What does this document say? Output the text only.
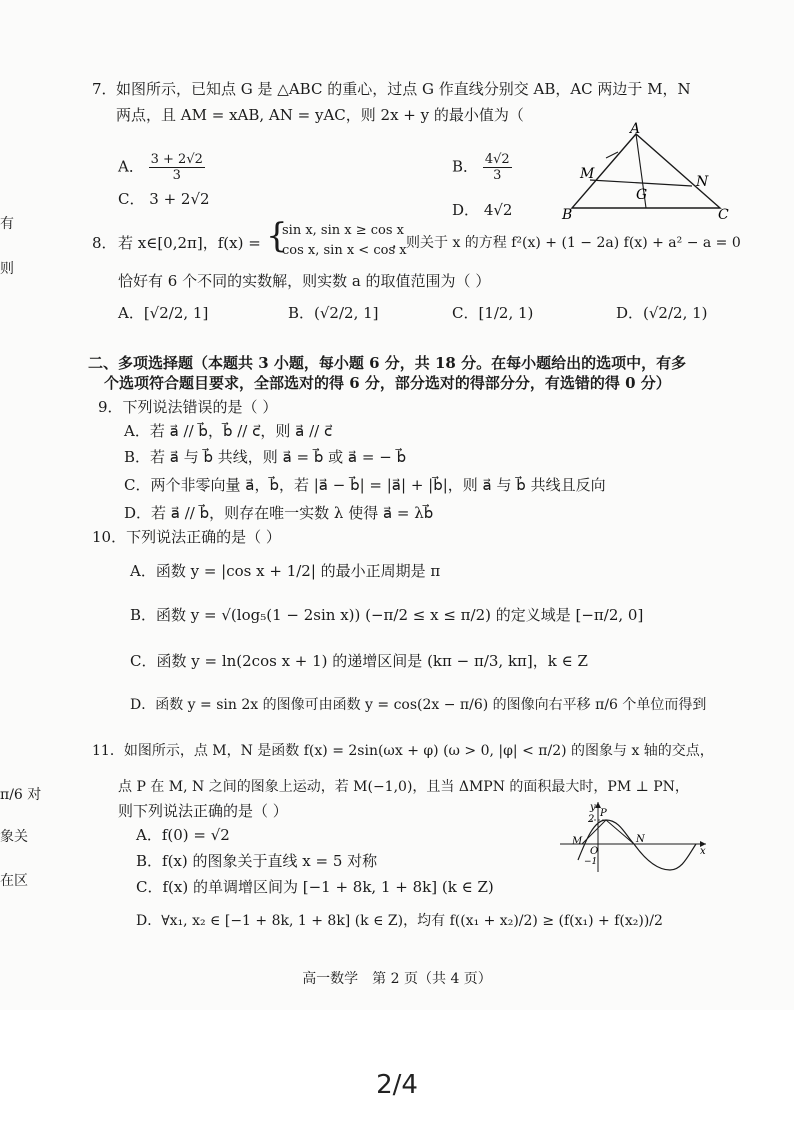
有
则
π/6 对
象关
在区
7． 如图所示，已知点 G 是 △ABC 的重心，过点 G 作直线分别交 AB，AC 两边于 M，N
两点，且 AM = xAB, AN = yAC，则 2x + y 的最小值为（
A． $\frac{3 + 2√2}{3}$	B． $\frac{4√2}{3}$
C． 3 + 2√2
D． 4√2
A
B	C
M	N
G
8． 若 x∈[0,2π]，f(x) = {
sin x, sin x ≥ cos x
cos x, sin x < cos x
，则关于 x 的方程 f²(x) + (1 − 2a) f(x) + a² − a = 0
恰好有 6 个不同的实数解，则实数 a 的取值范围为（ ）
A．[√2/2, 1]	B．(√2/2, 1]	C．[1/2, 1)	D．(√2/2, 1)
二、多项选择题（本题共 3 小题，每小题 6 分，共 18 分。在每小题给出的选项中，有多
个选项符合题目要求，全部选对的得 6 分，部分选对的得部分分，有选错的得 0 分）
9．下列说法错误的是（ ）
A．若 a⃗ // b⃗，b⃗ // c⃗，则 a⃗ // c⃗
B．若 a⃗ 与 b⃗ 共线，则 a⃗ = b⃗ 或 a⃗ = − b⃗
C．两个非零向量 a⃗，b⃗，若 |a⃗ − b⃗| = |a⃗| + |b⃗|，则 a⃗ 与 b⃗ 共线且反向
D．若 a⃗ // b⃗，则存在唯一实数 λ 使得 a⃗ = λb⃗
10．下列说法正确的是（ ）
A．函数 y = |cos x + 1/2| 的最小正周期是 π
B．函数 y = √(log₅(1 − 2sin x)) (−π/2 ≤ x ≤ π/2) 的定义域是 [−π/2, 0]
C．函数 y = ln(2cos x + 1) 的递增区间是 (kπ − π/3, kπ]，k ∈ Z
D．函数 y = sin 2x 的图像可由函数 y = cos(2x − π/6) 的图像向右平移 π/6 个单位而得到
11．如图所示，点 M，N 是函数 f(x) = 2sin(ωx + φ) (ω > 0, |φ| < π/2) 的图象与 x 轴的交点，
点 P 在 M, N 之间的图象上运动，若 M(−1,0)，且当 ΔMPN 的面积最大时，PM ⊥ PN，
则下列说法正确的是（ ）
A．f(0) = √2
B．f(x) 的图象关于直线 x = 5 对称
C．f(x) 的单调增区间为 [−1 + 8k, 1 + 8k] (k ∈ Z)
D．∀x₁, x₂ ∈ [−1 + 8k, 1 + 8k] (k ∈ Z)，均有 f((x₁ + x₂)/2) ≥ (f(x₁) + f(x₂))/2
y
x
2
P
M	N
O
−1
高一数学　第 2 页（共 4 页）
2/4
